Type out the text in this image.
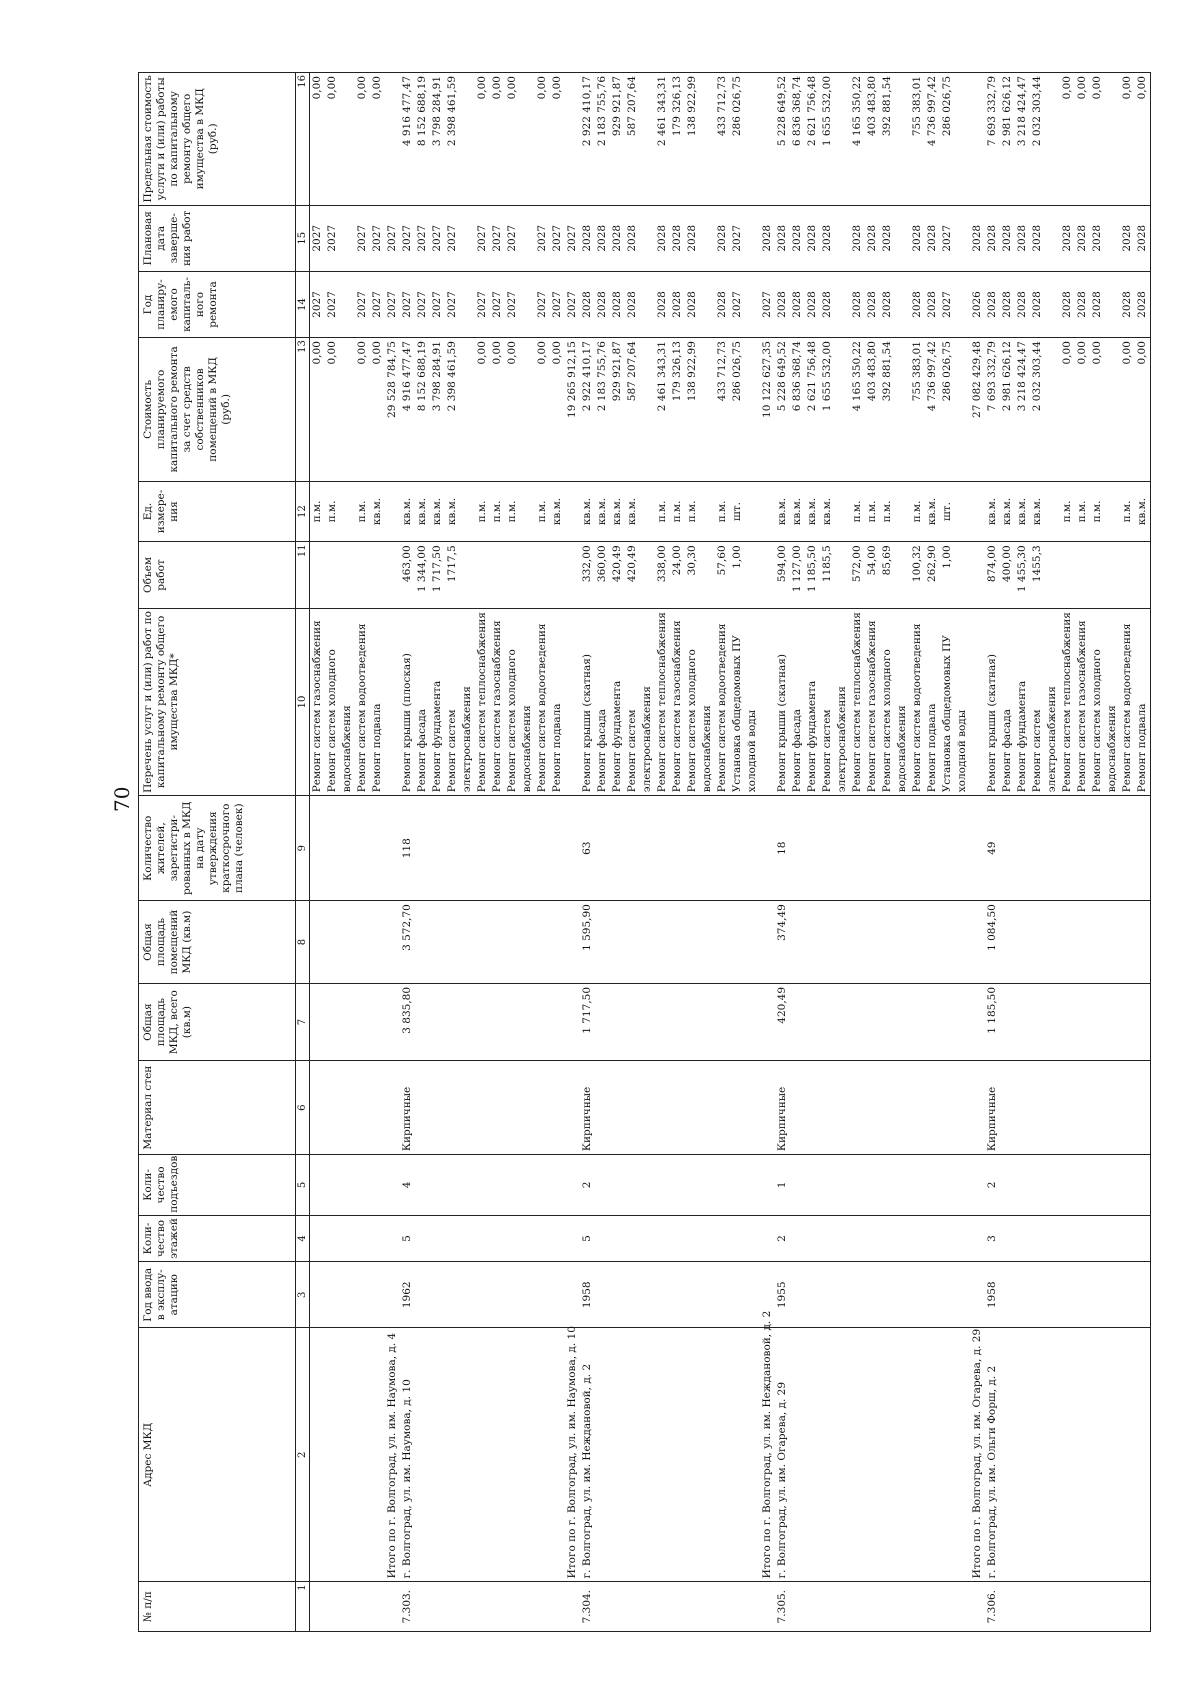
70
№ п/п	Адрес МКД	Год ввода в эксплу-атацию	Коли-чество этажей	Коли-чество подъездов	Материал стен	Общая площадь МКД, всего (кв.м)	Общая площадь помещений МКД (кв.м)	Количество жителей, зарегистри-рованных в МКД на дату утверждения краткосрочного плана (человек)	Перечень услуг и (или) работ по капитальному ремонту общего имущества МКД*	Объем работ	Ед. измере-ния	Стоимость планируемого капитального ремонта за счет средств собственников помещений в МКД (руб.)	Год планиру-емого капиталь-ного ремонта	Плановая дата заверше-ния работ	Предельная стоимость услуги и (или) работы по капитальному ремонту общего имущества в МКД (руб.)
1	2	3	4	5	6	7	8	9	10	11	12	13	14	15	16
									Ремонт систем газоснабжения		п.м.	0,00	2027	2027	0,00
									Ремонт систем холодного		п.м.	0,00	2027	2027	0,00
									водоснабжения						
									Ремонт систем водоотведения		п.м.	0,00	2027	2027	0,00
									Ремонт подвала		кв.м.	0,00	2027	2027	0,00
	Итого по г. Волгоград, ул. им. Наумова, д. 4											29 528 784,75	2027	2027	
7.303.	г. Волгоград, ул. им. Наумова, д. 10	1962	5	4	Кирпичные	3 835,80	3 572,70	118	Ремонт крыши (плоская)	463,00	кв.м.	4 916 477,47	2027	2027	4 916 477,47
									Ремонт фасада	1 344,00	кв.м.	8 152 688,19	2027	2027	8 152 688,19
									Ремонт фундамента	1 717,50	кв.м.	3 798 284,91	2027	2027	3 798 284,91
									Ремонт систем	1717,5	кв.м.	2 398 461,59	2027	2027	2 398 461,59
									электроснабжения						
									Ремонт систем теплоснабжения		п.м.	0,00	2027	2027	0,00
									Ремонт систем газоснабжения		п.м.	0,00	2027	2027	0,00
									Ремонт систем холодного		п.м.	0,00	2027	2027	0,00
									водоснабжения						
									Ремонт систем водоотведения		п.м.	0,00	2027	2027	0,00
									Ремонт подвала		кв.м.	0,00	2027	2027	0,00
	Итого по г. Волгоград, ул. им. Наумова, д. 10											19 265 912,15	2027	2027	
7.304.	г. Волгоград, ул. им. Неждановой, д. 2	1958	5	2	Кирпичные	1 717,50	1 595,90	63	Ремонт крыши (скатная)	332,00	кв.м.	2 922 410,17	2028	2028	2 922 410,17
									Ремонт фасада	360,00	кв.м.	2 183 755,76	2028	2028	2 183 755,76
									Ремонт фундамента	420,49	кв.м.	929 921,87	2028	2028	929 921,87
									Ремонт систем	420,49	кв.м.	587 207,64	2028	2028	587 207,64
									электроснабжения						
									Ремонт систем теплоснабжения	338,00	п.м.	2 461 343,31	2028	2028	2 461 343,31
									Ремонт систем газоснабжения	24,00	п.м.	179 326,13	2028	2028	179 326,13
									Ремонт систем холодного	30,30	п.м.	138 922,99	2028	2028	138 922,99
									водоснабжения						
									Ремонт систем водоотведения	57,60	п.м.	433 712,73	2028	2028	433 712,73
									Установка общедомовых ПУ	1,00	шт.	286 026,75	2027	2027	286 026,75
									холодной воды						
	Итого по г. Волгоград, ул. им. Неждановой, д. 2											10 122 627,35	2027	2028	
7.305.	г. Волгоград, ул. им. Огарева, д. 29	1955	2	1	Кирпичные	420,49	374,49	18	Ремонт крыши (скатная)	594,00	кв.м.	5 228 649,52	2028	2028	5 228 649,52
									Ремонт фасада	1 127,00	кв.м.	6 836 368,74	2028	2028	6 836 368,74
									Ремонт фундамента	1 185,50	кв.м.	2 621 756,48	2028	2028	2 621 756,48
									Ремонт систем	1185,5	кв.м.	1 655 532,00	2028	2028	1 655 532,00
									электроснабжения						
									Ремонт систем теплоснабжения	572,00	п.м.	4 165 350,22	2028	2028	4 165 350,22
									Ремонт систем газоснабжения	54,00	п.м.	403 483,80	2028	2028	403 483,80
									Ремонт систем холодного	85,69	п.м.	392 881,54	2028	2028	392 881,54
									водоснабжения						
									Ремонт систем водоотведения	100,32	п.м.	755 383,01	2028	2028	755 383,01
									Ремонт подвала	262,90	кв.м.	4 736 997,42	2028	2028	4 736 997,42
									Установка общедомовых ПУ	1,00	шт.	286 026,75	2027	2027	286 026,75
									холодной воды						
	Итого по г. Волгоград, ул. им. Огарева, д. 29											27 082 429,48	2026	2028	
7.306.	г. Волгоград, ул. им. Ольги Форш, д. 2	1958	3	2	Кирпичные	1 185,50	1 084,50	49	Ремонт крыши (скатная)	874,00	кв.м.	7 693 332,79	2028	2028	7 693 332,79
									Ремонт фасада	400,00	кв.м.	2 981 626,12	2028	2028	2 981 626,12
									Ремонт фундамента	1 455,30	кв.м.	3 218 424,47	2028	2028	3 218 424,47
									Ремонт систем	1455,3	кв.м.	2 032 303,44	2028	2028	2 032 303,44
									электроснабжения						
									Ремонт систем теплоснабжения		п.м.	0,00	2028	2028	0,00
									Ремонт систем газоснабжения		п.м.	0,00	2028	2028	0,00
									Ремонт систем холодного		п.м.	0,00	2028	2028	0,00
									водоснабжения						
									Ремонт систем водоотведения		п.м.	0,00	2028	2028	0,00
									Ремонт подвала		кв.м.	0,00	2028	2028	0,00
